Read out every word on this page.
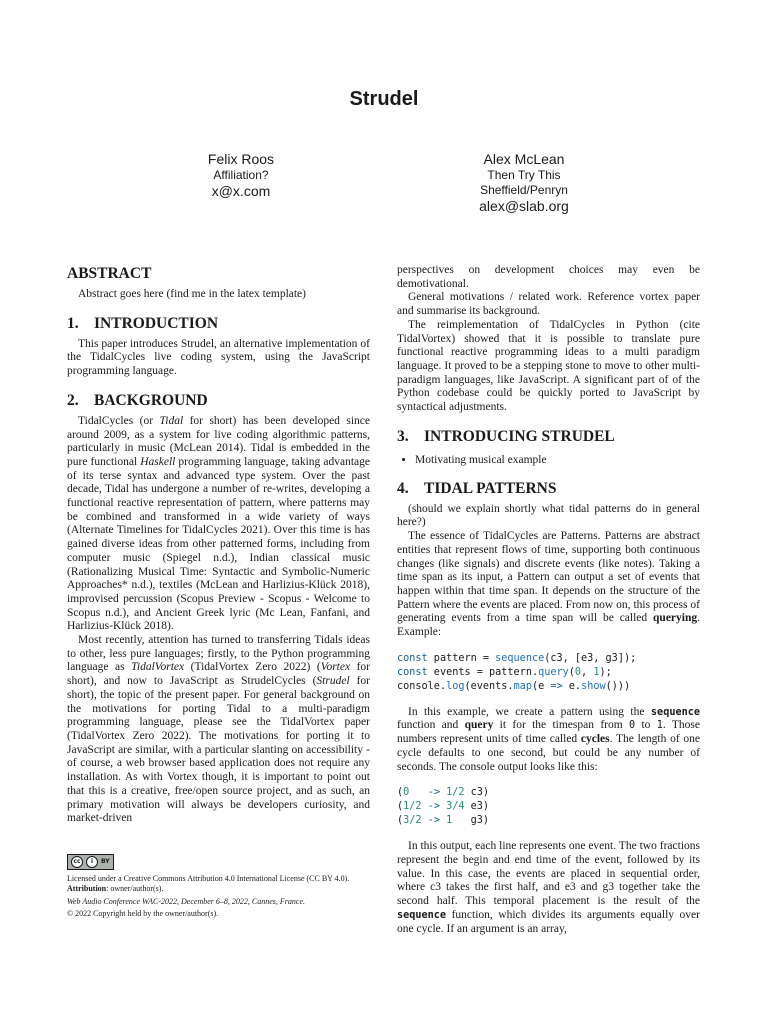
Strudel
Felix Roos
Affiliation?
x@x.com
Alex McLean
Then Try This
Sheffield/Penryn
alex@slab.org
ABSTRACT

Abstract goes here (find me in the latex template)

1. INTRODUCTION

This paper introduces Strudel, an alternative implementation of the TidalCycles live coding system, using the JavaScript programming language.

2. BACKGROUND

TidalCycles (or Tidal for short) has been developed since around 2009, as a system for live coding algorithmic patterns, particularly in music (McLean 2014). Tidal is embedded in the pure functional Haskell programming language, taking advantage of its terse syntax and advanced type system. Over the past decade, Tidal has undergone a number of re-writes, developing a functional reactive representation of pattern, where patterns may be combined and transformed in a wide variety of ways (Alternate Timelines for TidalCycles 2021). Over this time is has gained diverse ideas from other patterned forms, including from computer music (Spiegel n.d.), Indian classical music (Rationalizing Musical Time: Syntactic and Symbolic-Numeric Approaches* n.d.), textiles (McLean and Harlizius-Klück 2018), improvised percussion (Scopus Preview - Scopus - Welcome to Scopus n.d.), and Ancient Greek lyric (Mc Lean, Fanfani, and Harlizius-Klück 2018).

Most recently, attention has turned to transferring Tidals ideas to other, less pure languages; firstly, to the Python programming language as TidalVortex (TidalVortex Zero 2022) (Vortex for short), and now to JavaScript as StrudelCycles (Strudel for short), the topic of the present paper. For general background on the motivations for porting Tidal to a multi-paradigm programming language, please see the TidalVortex paper (TidalVortex Zero 2022). The motivations for porting it to JavaScript are similar, with a particular slanting on accessibility - of course, a web browser based application does not require any installation. As with Vortex though, it is important to point out that this is a creative, free/open source project, and as such, an primary motivation will always be developers curiosity, and market-driven

cc	i	BY
Licensed under a Creative Commons Attribution 4.0 International License (CC BY 4.0). Attribution: owner/author(s).
Web Audio Conference WAC-2022, December 6–8, 2022, Cannes, France.
© 2022 Copyright held by the owner/author(s).

perspectives on development choices may even be demotivational.

General motivations / related work. Reference vortex paper and summarise its background.

The reimplementation of TidalCycles in Python (cite TidalVortex) showed that it is possible to translate pure functional reactive programming ideas to a multi paradigm language. It proved to be a stepping stone to move to other multi-paradigm languages, like JavaScript. A significant part of of the Python codebase could be quickly ported to JavaScript by syntactical adjustments.

3. INTRODUCING STRUDEL
• Motivating musical example
4. TIDAL PATTERNS

(should we explain shortly what tidal patterns do in general here?)

The essence of TidalCycles are Patterns. Patterns are abstract entities that represent flows of time, supporting both continuous changes (like signals) and discrete events (like notes). Taking a time span as its input, a Pattern can output a set of events that happen within that time span. It depends on the structure of the Pattern where the events are placed. From now on, this process of generating events from a time span will be called querying. Example:

const pattern = sequence(c3, [e3, g3]);
const events = pattern.query(0, 1);
console.log(events.map(e => e.show()))

In this example, we create a pattern using the sequence function and query it for the timespan from 0 to 1. Those numbers represent units of time called cycles. The length of one cycle defaults to one second, but could be any number of seconds. The console output looks like this:

(0 -> 1/2 c3)
(1/2 -> 3/4 e3)
(3/2 -> 1   g3)

In this output, each line represents one event. The two fractions represent the begin and end time of the event, followed by its value. In this case, the events are placed in sequential order, where c3 takes the first half, and e3 and g3 together take the second half. This temporal placement is the result of the sequence function, which divides its arguments equally over one cycle. If an argument is an array,
